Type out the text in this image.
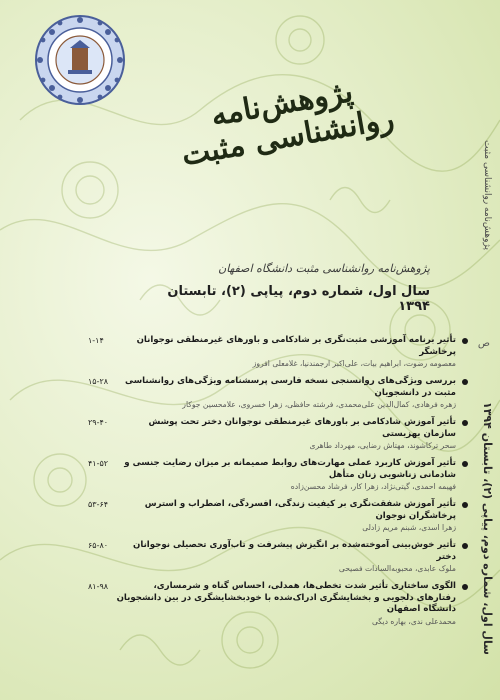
پژوهش‌نامه روانشناسی مثبت
پژوهش‌نامه روانشناسی مثبت
ص
سال اول، شماره دوم، پیاپی (۲)، تابستان ۱۳۹۴
پژوهش‌نامه روانشناسی مثبت دانشگاه اصفهان
سال اول، شماره دوم، پیاپی (۲)، تابستان ۱۳۹۴
تأثیر برنامه آموزشی مثبت‌نگری بر شادکامی و باورهای غیرمنطقی نوجوانان پرخاشگر
۱-۱۴
معصومه رضوت، ابراهیم بیات، علی‌اکبر ارجمندنیا، غلامعلی افروز
بررسی ویژگی‌های روانسنجی نسخه فارسی پرسشنامه ویژگی‌های روانشناسی مثبت در دانشجویان
۱۵-۲۸
زهره فرهادی، کمال‌الدین علی‌محمدی، فرشته حافظی، زهرا خسروی، علامحسین جوکار
تأثیر آموزش شادکامی بر باورهای غیرمنطقی نوجوانان دختر تحت پوشش سازمان بهزیستی
۲۹-۴۰
سحر ترکاشوند، مهتاش رضایی، مهرداد طاهری
تأثیر آموزش کاربرد عملی مهارت‌های روابط صمیمانه بر میزان رضایت جنسی و شادمانی زناشویی زنان متأهل
۴۱-۵۲
فهیمه احمدی، گیتی‌نژاد، زهرا کار، فرشاد محسن‌زاده
تأثیر آموزش شفقت‌نگری بر کیفیت زندگی، افسردگی، اضطراب و استرس پرخاشگران نوجوان
۵۳-۶۴
زهرا اسدی، شبنم مریم زادلی
تأثیر خوش‌بینی آموخته‌شده بر انگیزش پیشرفت و تاب‌آوری تحصیلی نوجوانان دختر
۶۵-۸۰
ملوک عابدی، محبوبه‌السادات فصیحی
الگوی ساختاری تأثیر شدت تخطی‌ها، همدلی، احساس گناه و شرمساری، رفتارهای دلجویی و بخشایشگری ادراک‌شده با خودبخشایشگری در بین دانشجویان دانشگاه اصفهان
۸۱-۹۸
محمدعلی ندی، بهاره دیگی
